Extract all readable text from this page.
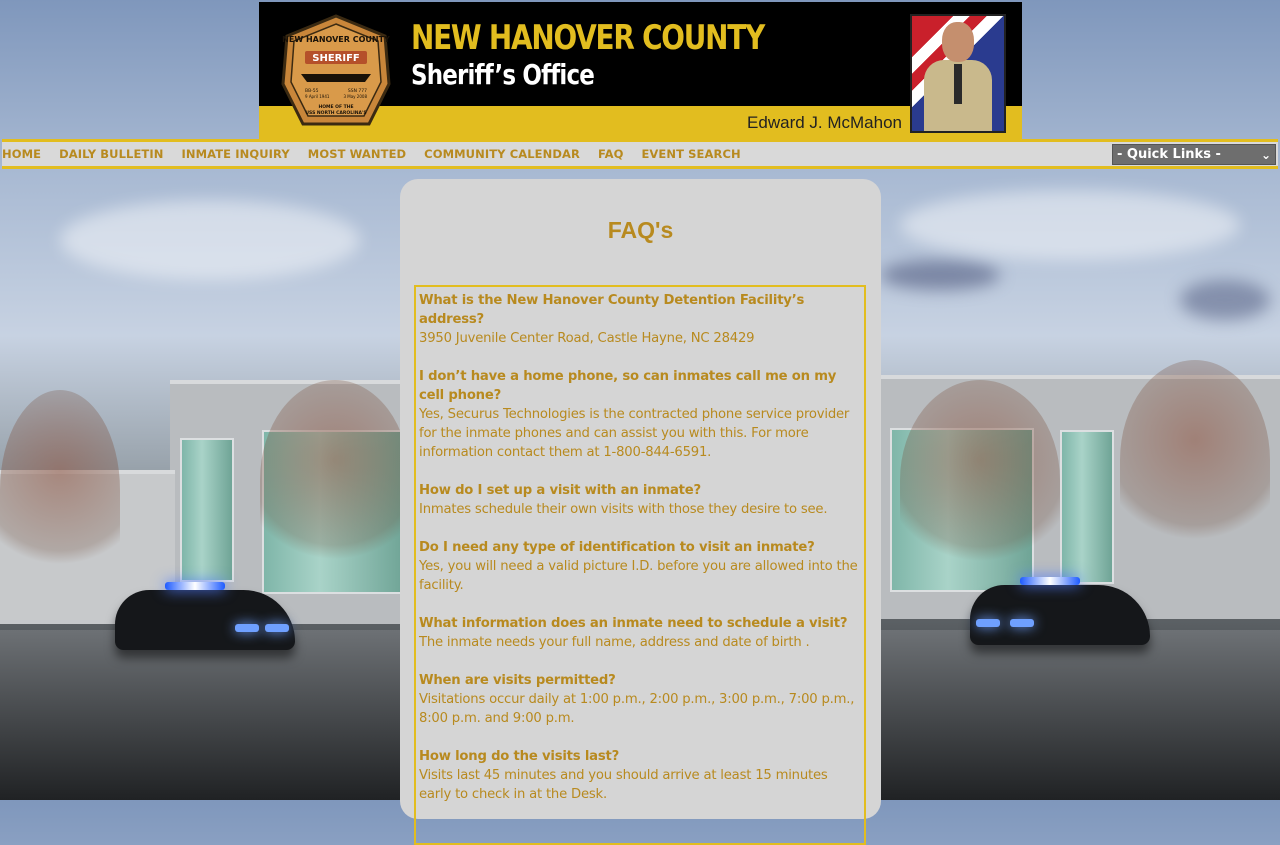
NEW HANOVER COUNTY
SHERIFF
BB-55
9 April 1941
SSN 777
3 May 2008
HOME OF THE
USS NORTH CAROLINA'S
NEW HANOVER COUNTY
Sheriff’s Office
Edward J. McMahon
HOME DAILY BULLETIN INMATE INQUIRY MOST WANTED COMMUNITY CALENDAR FAQ EVENT SEARCH	- Quick Links -	⌄
FAQ's
What is the New Hanover County Detention Facility’s address?
3950 Juvenile Center Road, Castle Hayne, NC 28429
I don’t have a home phone, so can inmates call me on my cell phone?
Yes, Securus Technologies is the contracted phone service provider for the inmate phones and can assist you with this. For more information contact them at 1-800-844-6591.
How do I set up a visit with an inmate?
Inmates schedule their own visits with those they desire to see.
Do I need any type of identification to visit an inmate?
Yes, you will need a valid picture I.D. before you are allowed into the facility.
What information does an inmate need to schedule a visit?
The inmate needs your full name, address and date of birth .
When are visits permitted?
Visitations occur daily at 1:00 p.m., 2:00 p.m., 3:00 p.m., 7:00 p.m., 8:00 p.m. and 9:00 p.m.
How long do the visits last?
Visits last 45 minutes and you should arrive at least 15 minutes early to check in at the Desk.
